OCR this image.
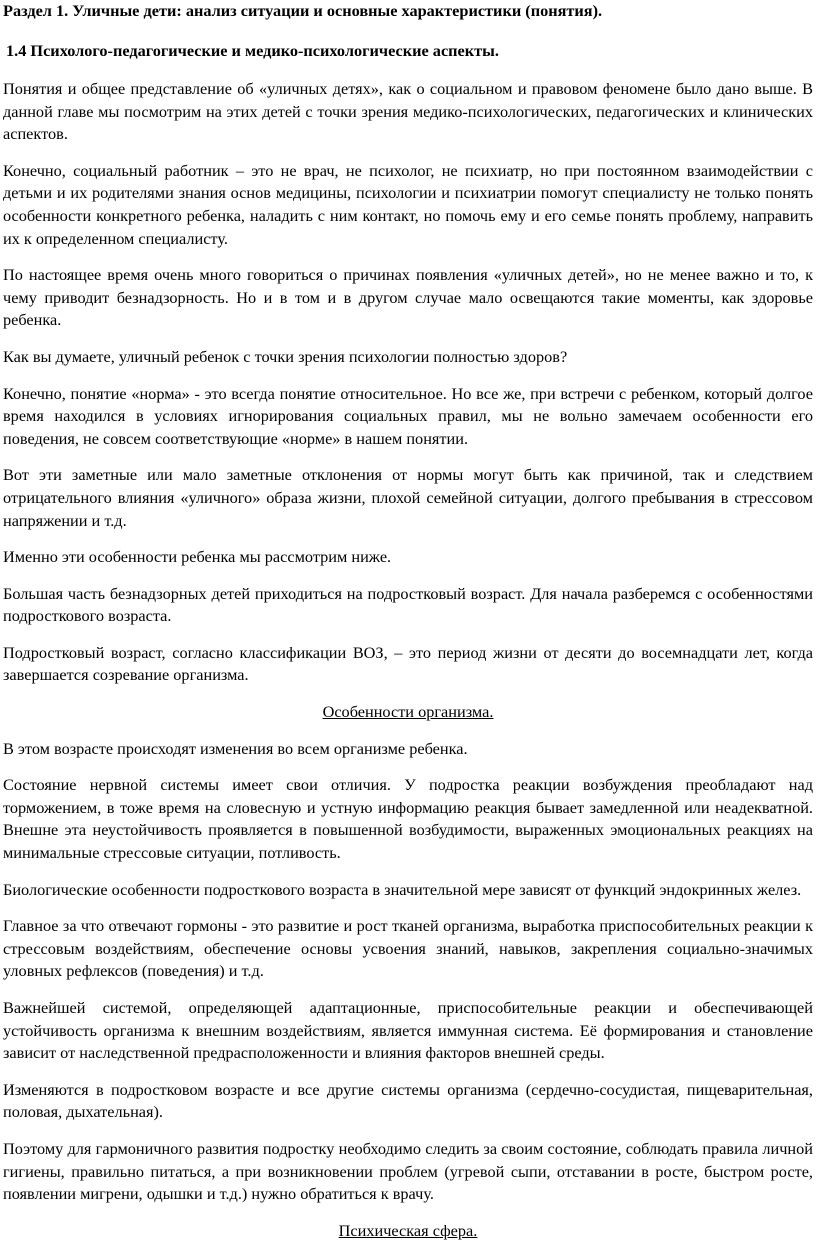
Раздел 1. Уличные дети: анализ ситуации и основные характеристики (понятия).
1.4 Психолого-педагогические и медико-психологические аспекты.

Понятия и общее представление об «уличных детях», как о социальном и правовом феномене было дано выше. В данной главе мы посмотрим на этих детей с точки зрения медико-психологических, педагогических и клинических аспектов.

Конечно, социальный работник – это не врач, не психолог, не психиатр, но при постоянном взаимодействии с детьми и их родителями знания основ медицины, психологии и психиатрии помогут специалисту не только понять особенности конкретного ребенка, наладить с ним контакт, но помочь ему и его семье понять проблему, направить их к определенном специалисту.

По настоящее время очень много говориться о причинах появления «уличных детей», но не менее важно и то, к чему приводит безнадзорность. Но и в том и в другом случае мало освещаются такие моменты, как здоровье ребенка.

Как вы думаете, уличный ребенок с точки зрения психологии полностью здоров?

Конечно, понятие «норма» - это всегда понятие относительное. Но все же, при встречи с ребенком, который долгое время находился в условиях игнорирования социальных правил, мы не вольно замечаем особенности его поведения, не совсем соответствующие «норме» в нашем понятии.

Вот эти заметные или мало заметные отклонения от нормы могут быть как причиной, так и следствием отрицательного влияния «уличного» образа жизни, плохой семейной ситуации, долгого пребывания в стрессовом напряжении и т.д.

Именно эти особенности ребенка мы рассмотрим ниже.

Большая часть безнадзорных детей приходиться на подростковый возраст. Для начала разберемся с особенностями подросткового возраста.

Подростковый возраст, согласно классификации ВОЗ, – это период жизни от десяти до восемнадцати лет, когда завершается созревание организма.

Особенности организма.

В этом возрасте происходят изменения во всем организме ребенка.

Состояние нервной системы имеет свои отличия. У подростка реакции возбуждения преобладают над торможением, в тоже время на словесную и устную информацию реакция бывает замедленной или неадекватной. Внешне эта неустойчивость проявляется в повышенной возбудимости, выраженных эмоциональных реакциях на минимальные стрессовые ситуации, потливость.

Биологические особенности подросткового возраста в значительной мере зависят от функций эндокринных желез.

Главное за что отвечают гормоны - это развитие и рост тканей организма, выработка приспособительных реакции к стрессовым воздействиям, обеспечение основы усвоения знаний, навыков, закрепления социально-значимых уловных рефлексов (поведения) и т.д.

Важнейшей системой, определяющей адаптационные, приспособительные реакции и обеспечивающей устойчивость организма к внешним воздействиям, является иммунная система. Её формирования и становление зависит от наследственной предрасположенности и влияния факторов внешней среды.

Изменяются в подростковом возрасте и все другие системы организма (сердечно-сосудистая, пищеварительная, половая, дыхательная).

Поэтому для гармоничного развития подростку необходимо следить за своим состояние, соблюдать правила личной гигиены, правильно питаться, а при возникновении проблем (угревой сыпи, отставании в росте, быстром росте, появлении мигрени, одышки и т.д.) нужно обратиться к врачу.

Психическая сфера.
